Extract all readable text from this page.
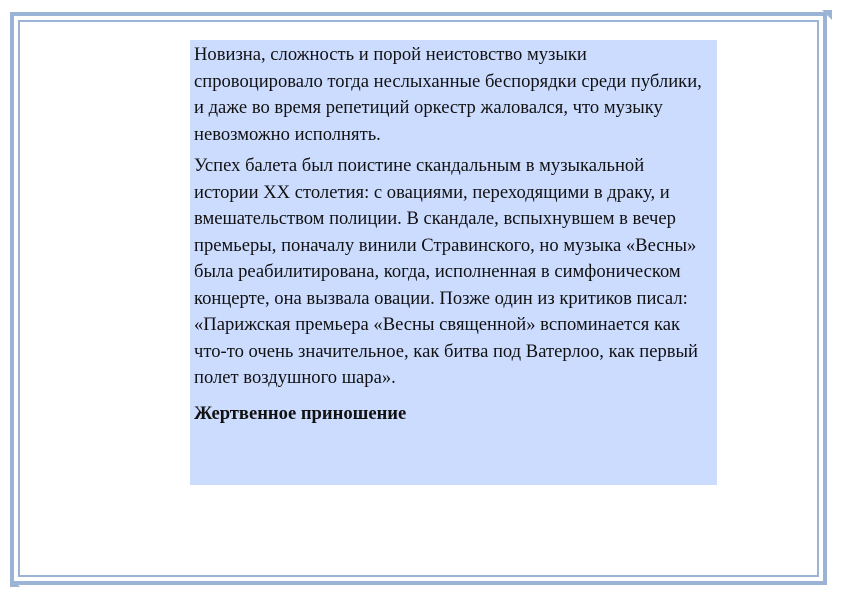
Новизна, сложность и порой неистовство музыки спровоцировало тогда неслыханные беспорядки среди публики, и даже во время репетиций оркестр жаловался, что музыку невозможно исполнять.

Успех балета был поистине скандальным в музыкальной истории XX столетия: с овациями, переходящими в драку, и вмешательством полиции. В скандале, вспыхнувшем в вечер премьеры, поначалу винили Стравинского, но музыка «Весны» была реабилитирована, когда, исполненная в симфоническом концерте, она вызвала овации. Позже один из критиков писал: «Парижская премьера «Весны священной» вспоминается как что-то очень значительное, как битва под Ватерлоо, как первый полет воздушного шара».

Жертвенное приношение
